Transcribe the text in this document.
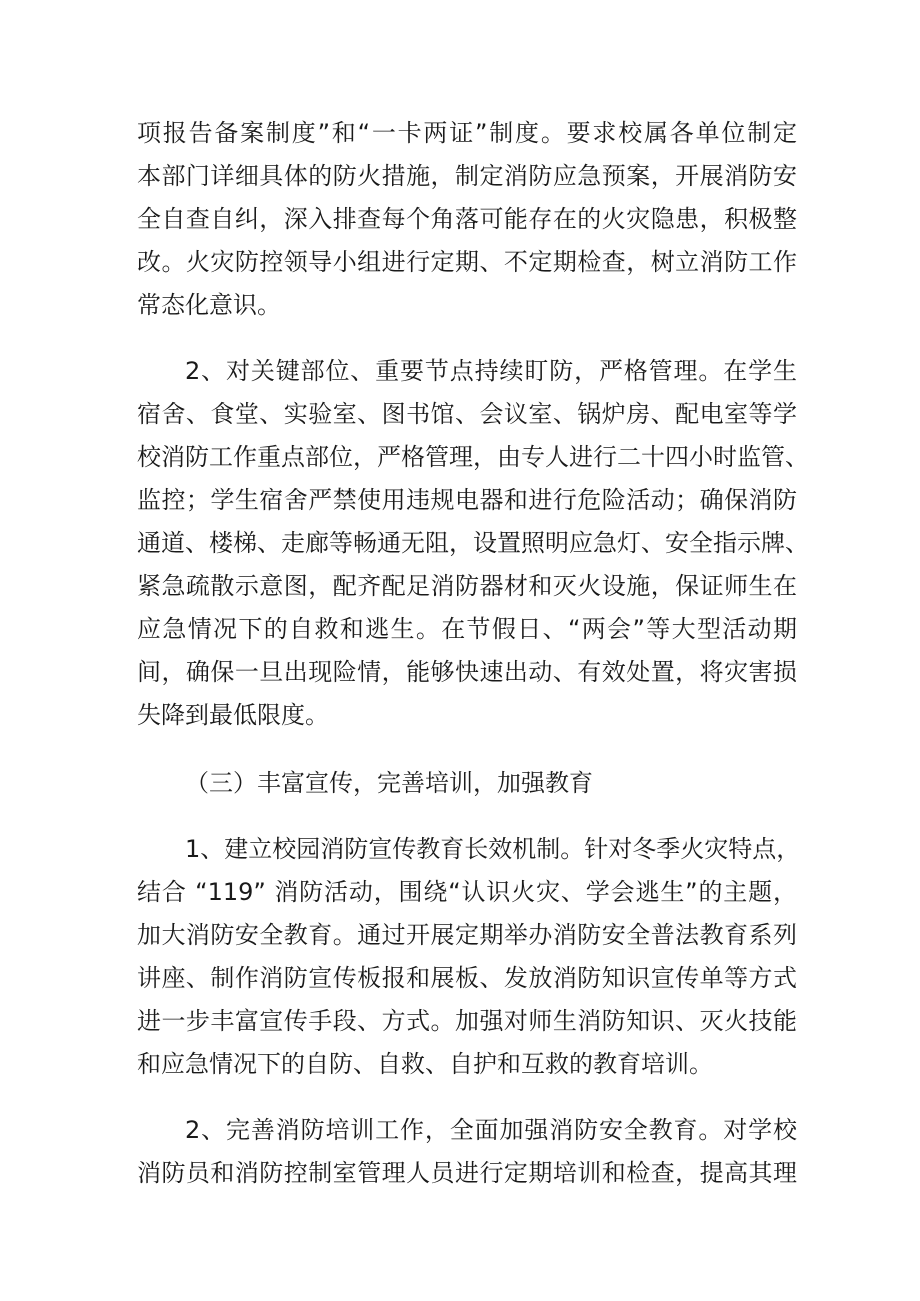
项报告备案制度”和“一卡两证”制度。要求校属各单位制定
本部门详细具体的防火措施，制定消防应急预案，开展消防安
全自查自纠，深入排查每个角落可能存在的火灾隐患，积极整
改。火灾防控领导小组进行定期、不定期检查，树立消防工作
常态化意识。
2、对关键部位、重要节点持续盯防，严格管理。在学生
宿舍、食堂、实验室、图书馆、会议室、锅炉房、配电室等学
校消防工作重点部位，严格管理，由专人进行二十四小时监管、
监控；学生宿舍严禁使用违规电器和进行危险活动；确保消防
通道、楼梯、走廊等畅通无阻，设置照明应急灯、安全指示牌、
紧急疏散示意图，配齐配足消防器材和灭火设施，保证师生在
应急情况下的自救和逃生。在节假日、“两会”等大型活动期
间，确保一旦出现险情，能够快速出动、有效处置，将灾害损
失降到最低限度。
（三）丰富宣传，完善培训，加强教育
1、建立校园消防宣传教育长效机制。针对冬季火灾特点，
结合 “119” 消防活动，围绕“认识火灾、学会逃生”的主题，
加大消防安全教育。通过开展定期举办消防安全普法教育系列
讲座、制作消防宣传板报和展板、发放消防知识宣传单等方式
进一步丰富宣传手段、方式。加强对师生消防知识、灭火技能
和应急情况下的自防、自救、自护和互救的教育培训。
2、完善消防培训工作，全面加强消防安全教育。对学校
消防员和消防控制室管理人员进行定期培训和检查，提高其理
